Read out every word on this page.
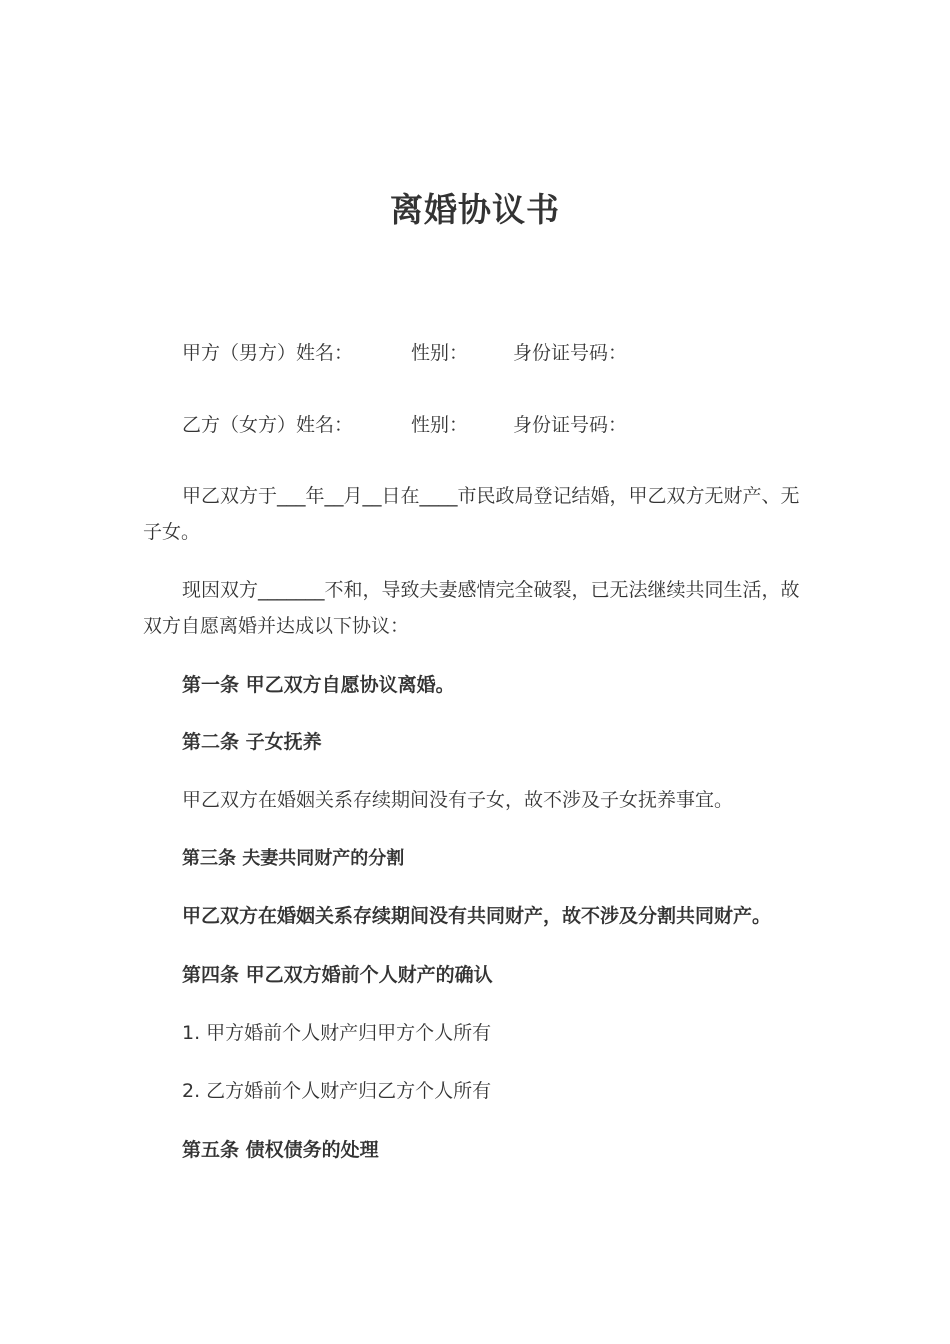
离婚协议书
甲方（男方）姓名：	性别： 身份证号码：
乙方（女方）姓名：	性别： 身份证号码：
甲乙双方于___年__月__日在____市民政局登记结婚，甲乙双方无财产、无子女。
现因双方_______不和，导致夫妻感情完全破裂，已无法继续共同生活，故双方自愿离婚并达成以下协议：
第一条 甲乙双方自愿协议离婚。
第二条 子女抚养
甲乙双方在婚姻关系存续期间没有子女，故不涉及子女抚养事宜。
第三条 夫妻共同财产的分割
甲乙双方在婚姻关系存续期间没有共同财产，故不涉及分割共同财产。
第四条 甲乙双方婚前个人财产的确认
1. 甲方婚前个人财产归甲方个人所有
2. 乙方婚前个人财产归乙方个人所有
第五条 债权债务的处理
